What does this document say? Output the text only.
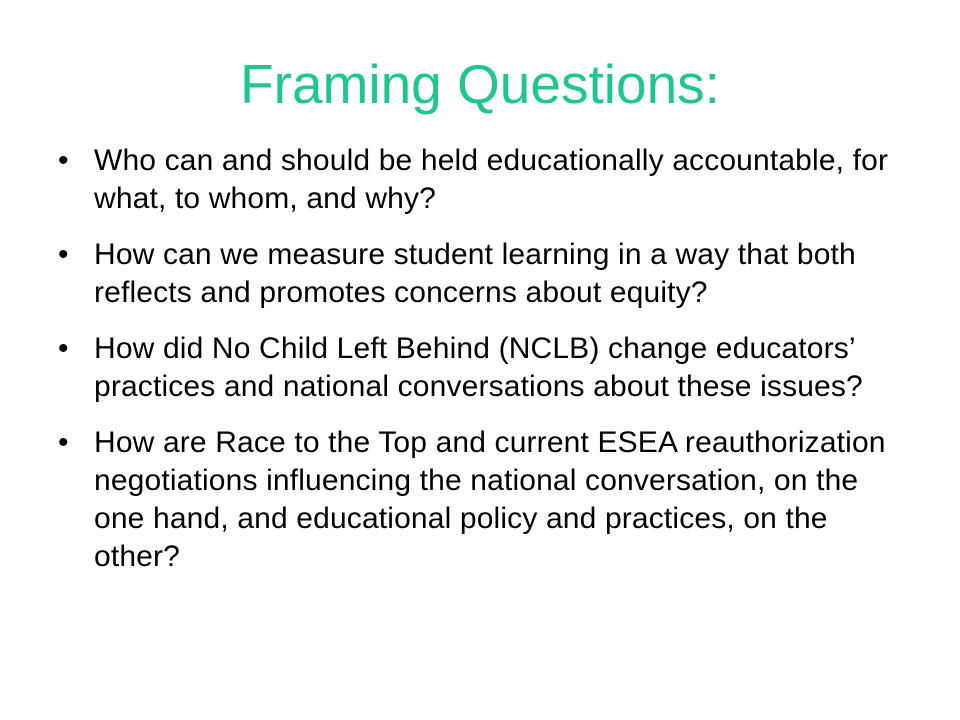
Framing Questions:
• Who can and should be held educationally accountable, for what, to whom, and why?
• How can we measure student learning in a way that both reflects and promotes concerns about equity?
• How did No Child Left Behind (NCLB) change educators’ practices and national conversations about these issues?
• How are Race to the Top and current ESEA reauthorization negotiations influencing the national conversation, on the one hand, and educational policy and practices, on the other?
